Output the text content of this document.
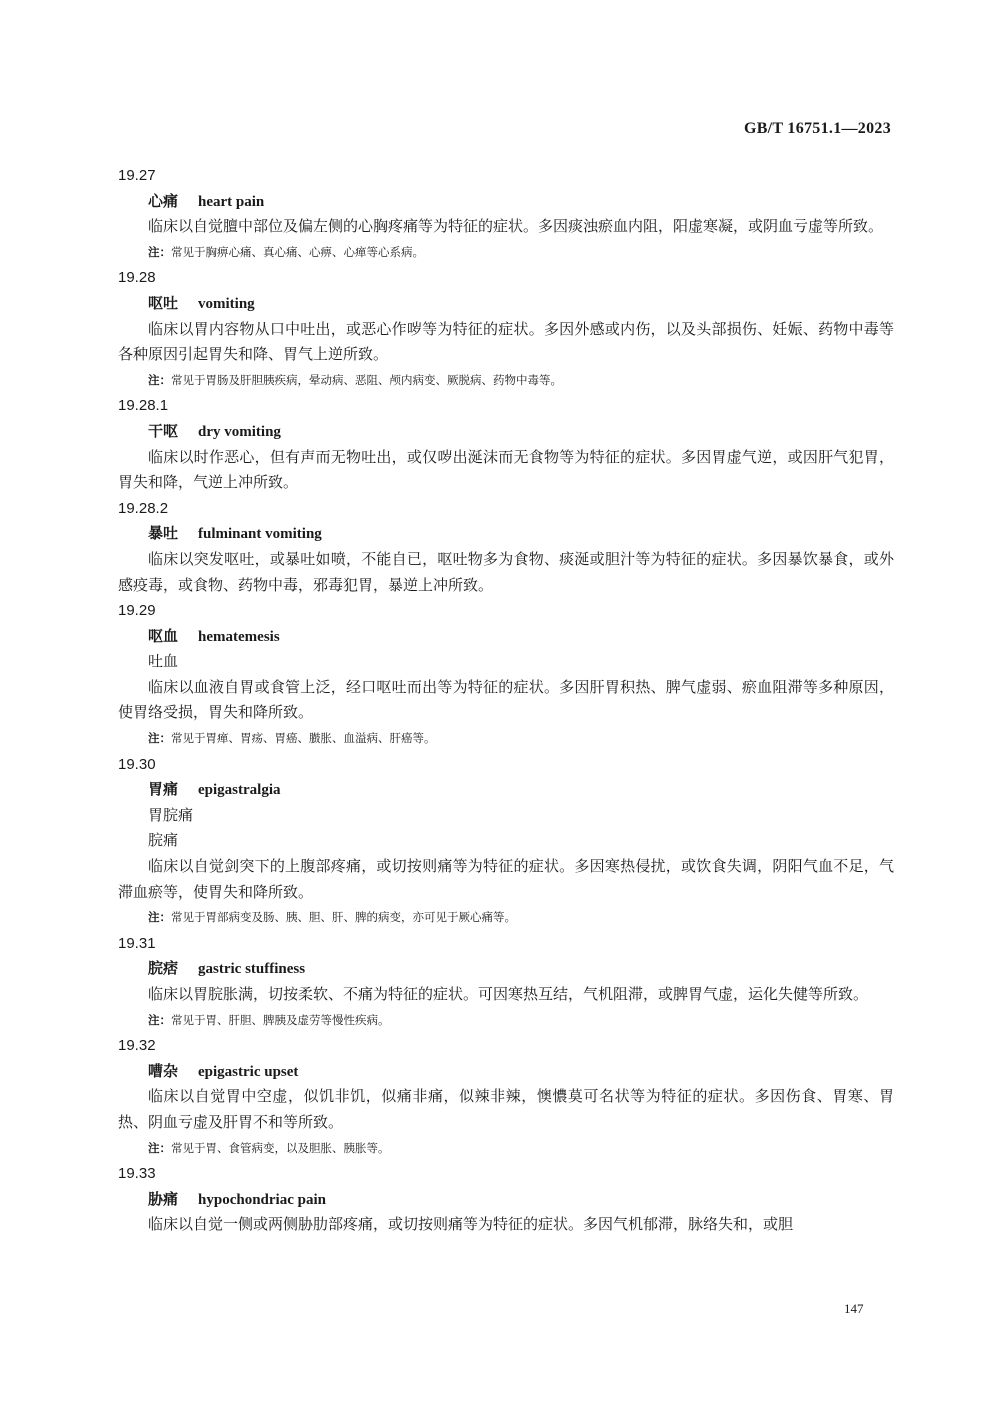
GB/T 16751.1—2023
19.27
心痛 heart pain
临床以自觉膻中部位及偏左侧的心胸疼痛等为特征的症状。多因痰浊瘀血内阻，阳虚寒凝，或阴血亏虚等所致。
注：常见于胸痹心痛、真心痛、心痹、心瘅等心系病。
19.28
呕吐 vomiting
临床以胃内容物从口中吐出，或恶心作哕等为特征的症状。多因外感或内伤，以及头部损伤、妊娠、药物中毒等各种原因引起胃失和降、胃气上逆所致。
注：常见于胃肠及肝胆胰疾病，晕动病、恶阻、颅内病变、厥脱病、药物中毒等。
19.28.1
干呕 dry vomiting
临床以时作恶心，但有声而无物吐出，或仅哕出涎沫而无食物等为特征的症状。多因胃虚气逆，或因肝气犯胃，胃失和降，气逆上冲所致。
19.28.2
暴吐 fulminant vomiting
临床以突发呕吐，或暴吐如喷，不能自已，呕吐物多为食物、痰涎或胆汁等为特征的症状。多因暴饮暴食，或外感疫毒，或食物、药物中毒，邪毒犯胃，暴逆上冲所致。
19.29
呕血 hematemesis
吐血
临床以血液自胃或食管上泛，经口呕吐而出等为特征的症状。多因肝胃积热、脾气虚弱、瘀血阻滞等多种原因，使胃络受损，胃失和降所致。
注：常见于胃瘅、胃疡、胃癌、臌胀、血溢病、肝癌等。
19.30
胃痛 epigastralgia
胃脘痛
脘痛
临床以自觉剑突下的上腹部疼痛，或切按则痛等为特征的症状。多因寒热侵扰，或饮食失调，阴阳气血不足，气滞血瘀等，使胃失和降所致。
注：常见于胃部病变及肠、胰、胆、肝、脾的病变，亦可见于厥心痛等。
19.31
脘痞 gastric stuffiness
临床以胃脘胀满，切按柔软、不痛为特征的症状。可因寒热互结，气机阻滞，或脾胃气虚，运化失健等所致。
注：常见于胃、肝胆、脾胰及虚劳等慢性疾病。
19.32
嘈杂 epigastric upset
临床以自觉胃中空虚，似饥非饥，似痛非痛，似辣非辣，懊憹莫可名状等为特征的症状。多因伤食、胃寒、胃热、阴血亏虚及肝胃不和等所致。
注：常见于胃、食管病变，以及胆胀、胰胀等。
19.33
胁痛 hypochondriac pain
临床以自觉一侧或两侧胁肋部疼痛，或切按则痛等为特征的症状。多因气机郁滞，脉络失和，或胆
147
